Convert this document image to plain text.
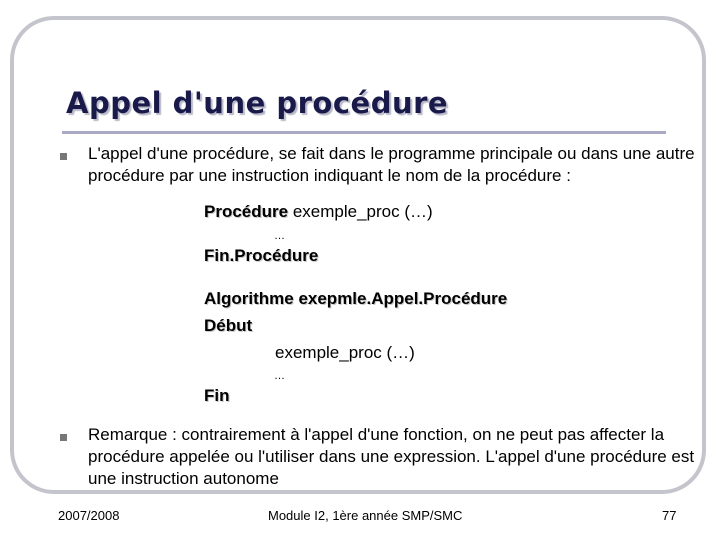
Appel d'une procédure
L'appel d'une procédure, se fait dans le programme principale ou dans une autre procédure par une instruction indiquant le nom de la procédure :
Procédure exemple_proc (…)
…
Fin.Procédure
Algorithme exepmle.Appel.Procédure
Début
exemple_proc (…)
…
Fin
Remarque : contrairement à l'appel d'une fonction, on ne peut pas affecter la procédure appelée ou l'utiliser dans une expression. L'appel d'une procédure est une instruction autonome
2007/2008	Module I2, 1ère année SMP/SMC	77
